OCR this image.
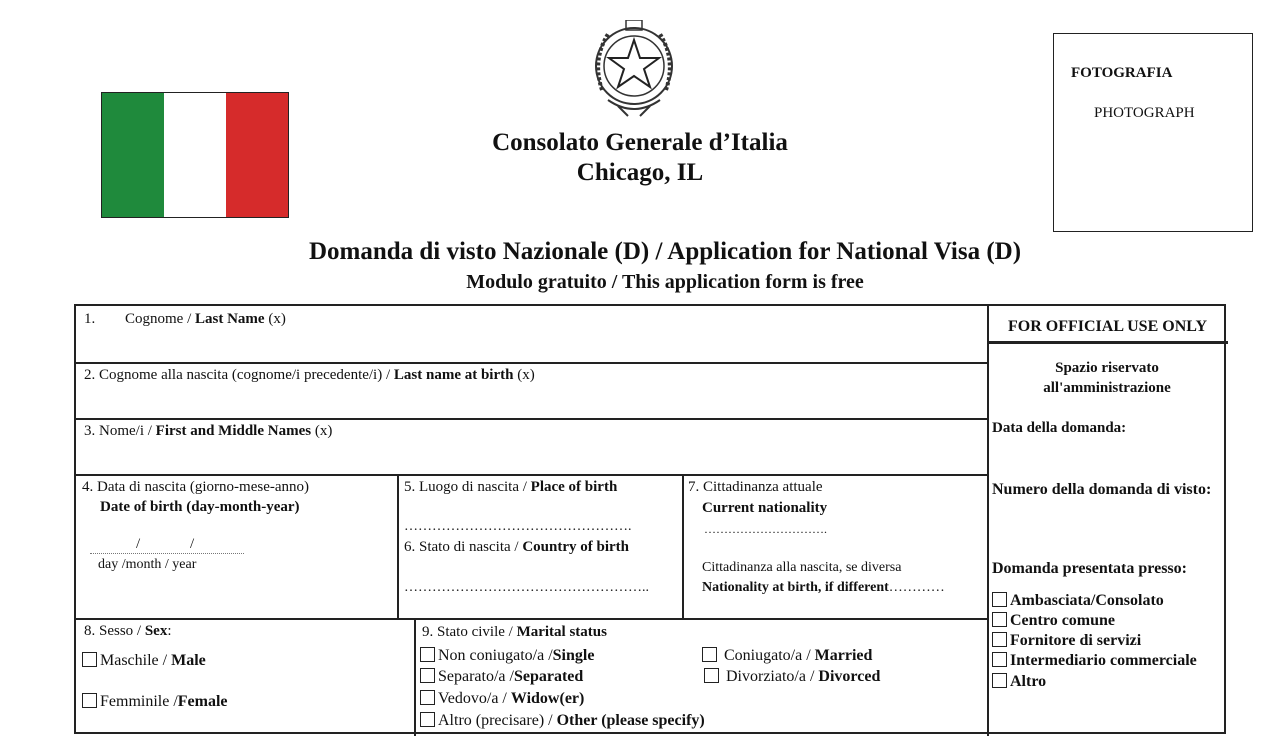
Consolato Generale d’Italia
Chicago, IL
FOTOGRAFIA
PHOTOGRAPH
Domanda di visto Nazionale (D) / Application for National Visa (D)
Modulo gratuito / This application form is free
1. Cognome / Last Name (x)
2. Cognome alla nascita (cognome/i precedente/i) / Last name at birth (x)
3. Nome/i / First and Middle Names (x)
4. Data di nascita (giorno-mese-anno)
Date of birth (day-month-year)
/	/
day /month / year
5. Luogo di nascita / Place of birth
………………………………………….
6. Stato di nascita / Country of birth
……………………………………………..
7. Cittadinanza attuale
Current nationality
………………………….
Cittadinanza alla nascita, se diversa
Nationality at birth, if different…………
8. Sesso / Sex:
Maschile / Male
Femminile /Female
9. Stato civile / Marital status
Non coniugato/a /Single	Coniugato/a / Married
Separato/a /Separated	Divorziato/a / Divorced
Vedovo/a / Widow(er)
Altro (precisare) / Other (please specify)
FOR OFFICIAL USE ONLY
Spazio riservato all'amministrazione
Data della domanda:
Numero della domanda di visto:
Domanda presentata presso:
Ambasciata/Consolato
Centro comune
Fornitore di servizi
Intermediario commerciale
Altro
